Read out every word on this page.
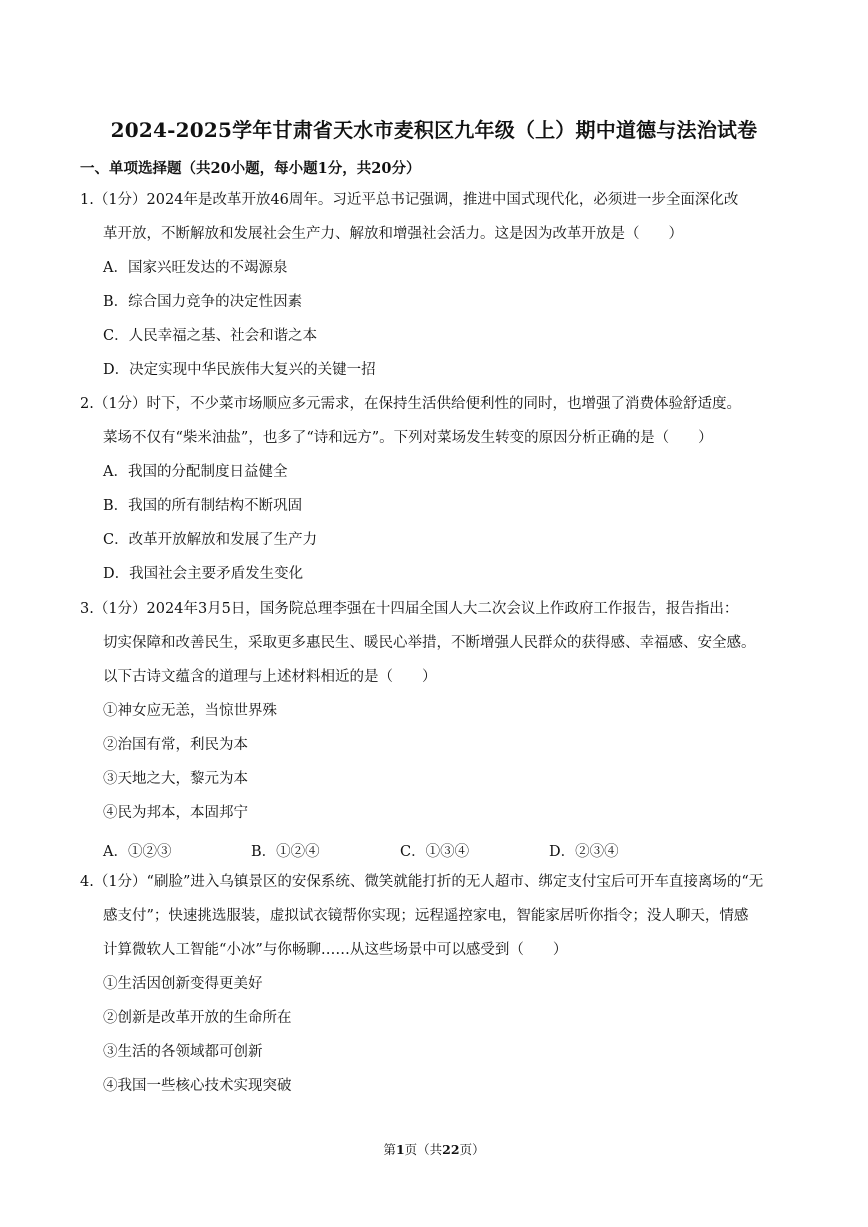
2024-2025学年甘肃省天水市麦积区九年级（上）期中道德与法治试卷
一、单项选择题（共20小题，每小题1分，共20分）
1.（1分）2024年是改革开放46周年。习近平总书记强调，推进中国式现代化，必须进一步全面深化改
革开放，不断解放和发展社会生产力、解放和增强社会活力。这是因为改革开放是（　　）
A．国家兴旺发达的不竭源泉
B．综合国力竞争的决定性因素
C．人民幸福之基、社会和谐之本
D．决定实现中华民族伟大复兴的关键一招
2.（1分）时下，不少菜市场顺应多元需求，在保持生活供给便利性的同时，也增强了消费体验舒适度。
菜场不仅有“柴米油盐”，也多了“诗和远方”。下列对菜场发生转变的原因分析正确的是（　　）
A．我国的分配制度日益健全
B．我国的所有制结构不断巩固
C．改革开放解放和发展了生产力
D．我国社会主要矛盾发生变化
3.（1分）2024年3月5日，国务院总理李强在十四届全国人大二次会议上作政府工作报告，报告指出：
切实保障和改善民生，采取更多惠民生、暖民心举措，不断增强人民群众的获得感、幸福感、安全感。
以下古诗文蕴含的道理与上述材料相近的是（　　）
①神女应无恙，当惊世界殊
②治国有常，利民为本
③天地之大，黎元为本
④民为邦本，本固邦宁
A．①②③	B．①②④	C．①③④	D．②③④
4.（1分）“刷脸”进入乌镇景区的安保系统、微笑就能打折的无人超市、绑定支付宝后可开车直接离场的“无
感支付”；快速挑选服装，虚拟试衣镜帮你实现；远程遥控家电，智能家居听你指令；没人聊天，情感
计算微软人工智能“小冰”与你畅聊……从这些场景中可以感受到（　　）
①生活因创新变得更美好
②创新是改革开放的生命所在
③生活的各领域都可创新
④我国一些核心技术实现突破
第1页（共22页）
